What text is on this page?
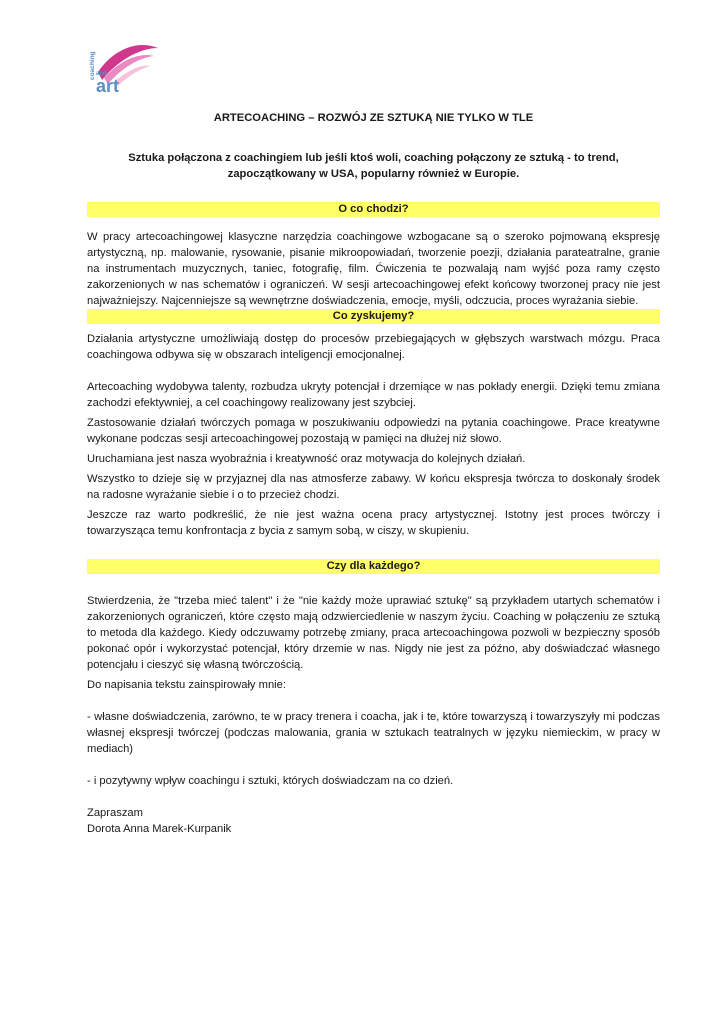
coaching and
art
ARTECOACHING – ROZWÓJ ZE SZTUKĄ NIE TYLKO W TLE

Sztuka połączona z coachingiem lub jeśli ktoś woli, coaching połączony ze sztuką - to trend, zapoczątkowany w USA, popularny również w Europie.

O co chodzi?

W pracy artecoachingowej klasyczne narzędzia coachingowe wzbogacane są o szeroko pojmowaną ekspresję artystyczną, np. malowanie, rysowanie, pisanie mikroopowiadań, tworzenie poezji, działania parateatralne, granie na instrumentach muzycznych, taniec, fotografię, film. Ćwiczenia te pozwalają nam wyjść poza ramy często zakorzenionych w nas schematów i ograniczeń. W sesji artecoachingowej efekt końcowy tworzonej pracy nie jest najważniejszy. Najcenniejsze są wewnętrzne doświadczenia, emocje, myśli, odczucia, proces wyrażania siebie.

Co zyskujemy?

Działania artystyczne umożliwiają dostęp do procesów przebiegających w głębszych warstwach mózgu. Praca coachingowa odbywa się w obszarach inteligencji emocjonalnej.

Artecoaching wydobywa talenty, rozbudza ukryty potencjał i drzemiące w nas pokłady energii. Dzięki temu zmiana zachodzi efektywniej, a cel coachingowy realizowany jest szybciej.

Zastosowanie działań twórczych pomaga w poszukiwaniu odpowiedzi na pytania coachingowe. Prace kreatywne wykonane podczas sesji artecoachingowej pozostają w pamięci na dłużej niż słowo.

Uruchamiana jest nasza wyobraźnia i kreatywność oraz motywacja do kolejnych działań.

Wszystko to dzieje się w przyjaznej dla nas atmosferze zabawy. W końcu ekspresja twórcza to doskonały środek na radosne wyrażanie siebie i o to przecież chodzi.

Jeszcze raz warto podkreślić, że nie jest ważna ocena pracy artystycznej. Istotny jest proces twórczy i towarzysząca temu konfrontacja z bycia z samym sobą, w ciszy, w skupieniu.

Czy dla każdego?

Stwierdzenia, że "trzeba mieć talent" i że "nie każdy może uprawiać sztukę" są przykładem utartych schematów i zakorzenionych ograniczeń, które często mają odzwierciedlenie w naszym życiu. Coaching w połączeniu ze sztuką to metoda dla każdego. Kiedy odczuwamy potrzebę zmiany, praca artecoachingowa pozwoli w bezpieczny sposób pokonać opór i wykorzystać potencjał, który drzemie w nas. Nigdy nie jest za późno, aby doświadczać własnego potencjału i cieszyć się własną twórczością.

Do napisania tekstu zainspirowały mnie:

- własne doświadczenia, zarówno, te w pracy trenera i coacha, jak i te, które towarzyszą i towarzyszyły mi podczas własnej ekspresji twórczej (podczas malowania, grania w sztukach teatralnych w języku niemieckim, w pracy w mediach)

- i pozytywny wpływ coachingu i sztuki, których doświadczam na co dzień.

Zapraszam

Dorota Anna Marek-Kurpanik
